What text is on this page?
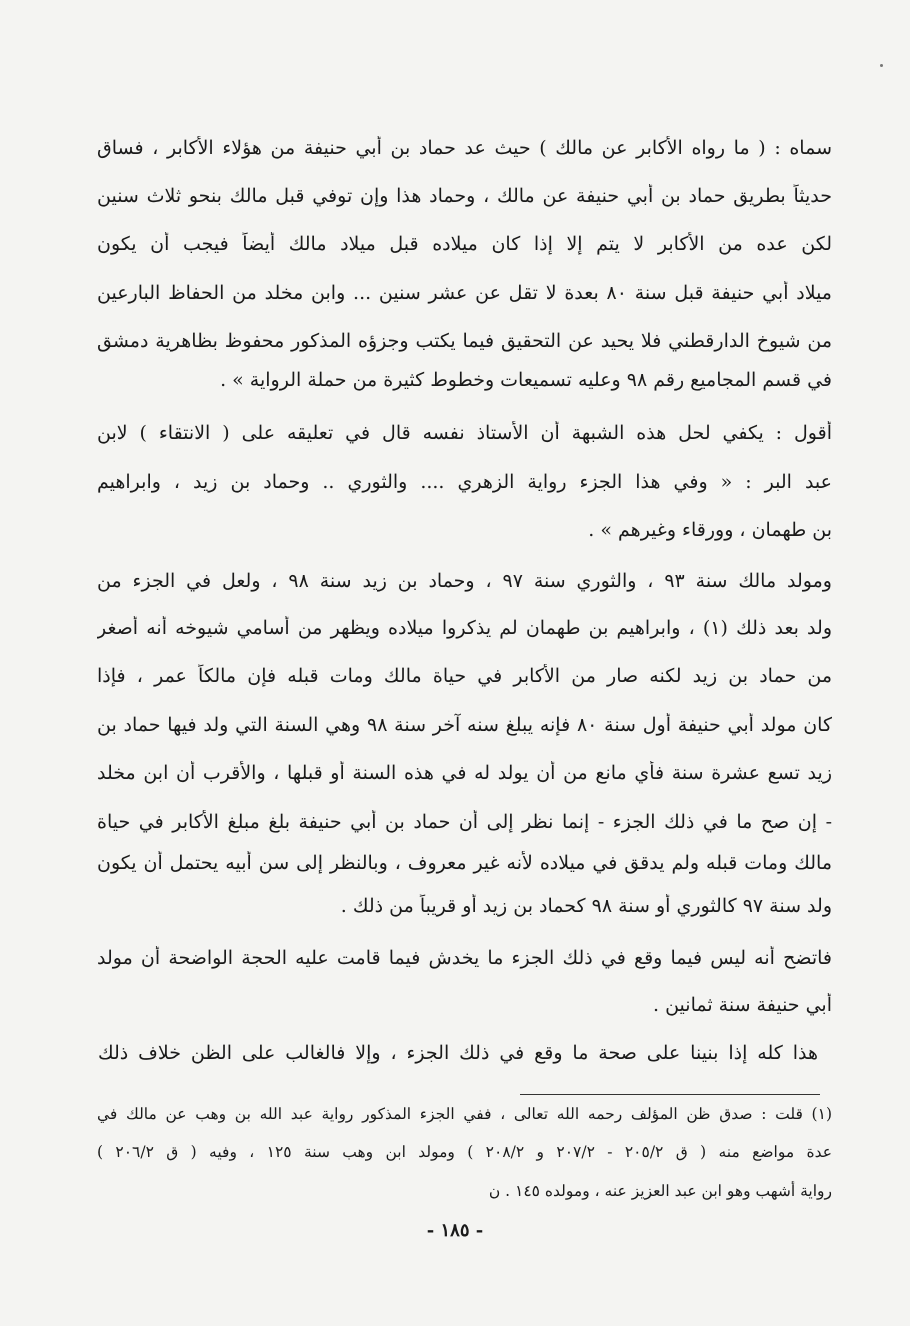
سماه : ( ما رواه الأكابر عن مالك ) حيث عد حماد بن أبي حنيفة من هؤلاء الأكابر ، فساق
حديثاً بطريق حماد بن أبي حنيفة عن مالك ، وحماد هذا وإن توفي قبل مالك بنحو ثلاث سنين
لكن عده من الأكابر لا يتم إلا إذا كان ميلاده قبل ميلاد مالك أيضاً فيجب أن يكون
ميلاد أبي حنيفة قبل سنة ٨٠ بعدة لا تقل عن عشر سنين ... وابن مخلد من الحفاظ البارعين
من شيوخ الدارقطني فلا يحيد عن التحقيق فيما يكتب وجزؤه المذكور محفوظ بظاهرية دمشق
في قسم المجاميع رقم ٩٨ وعليه تسميعات وخطوط كثيرة من حملة الرواية » .
أقول : يكفي لحل هذه الشبهة أن الأستاذ نفسه قال في تعليقه على ( الانتقاء ) لابن
عبد البر : « وفي هذا الجزء رواية الزهري .... والثوري .. وحماد بن زيد ، وابراهيم
بن طهمان ، وورقاء وغيرهم » .
ومولد مالك سنة ٩٣ ، والثوري سنة ٩٧ ، وحماد بن زيد سنة ٩٨ ، ولعل في الجزء من
ولد بعد ذلك (١) ، وابراهيم بن طهمان لم يذكروا ميلاده ويظهر من أسامي شيوخه أنه أصغر
من حماد بن زيد لكنه صار من الأكابر في حياة مالك ومات قبله فإن مالكاً عمر ، فإذا
كان مولد أبي حنيفة أول سنة ٨٠ فإنه يبلغ سنه آخر سنة ٩٨ وهي السنة التي ولد فيها حماد بن
زيد تسع عشرة سنة فأي مانع من أن يولد له في هذه السنة أو قبلها ، والأقرب أن ابن مخلد
- إن صح ما في ذلك الجزء - إنما نظر إلى أن حماد بن أبي حنيفة بلغ مبلغ الأكابر في حياة
مالك ومات قبله ولم يدقق في ميلاده لأنه غير معروف ، وبالنظر إلى سن أبيه يحتمل أن يكون
ولد سنة ٩٧ كالثوري أو سنة ٩٨ كحماد بن زيد أو قريباً من ذلك .
فاتضح أنه ليس فيما وقع في ذلك الجزء ما يخدش فيما قامت عليه الحجة الواضحة أن مولد
أبي حنيفة سنة ثمانين .
هذا كله إذا بنينا على صحة ما وقع في ذلك الجزء ، وإلا فالغالب على الظن خلاف ذلك
(١) قلت : صدق ظن المؤلف رحمه الله تعالى ، ففي الجزء المذكور رواية عبد الله بن وهب عن مالك في
عدة مواضع منه ( ق ٢٠٥/٢ - ٢٠٧/٢ و ٢٠٨/٢ ) ومولد ابن وهب سنة ١٢٥ ، وفيه ( ق ٢٠٦/٢ )
رواية أشهب وهو ابن عبد العزيز عنه ، ومولده ١٤٥ . ن
- ١٨٥ -
